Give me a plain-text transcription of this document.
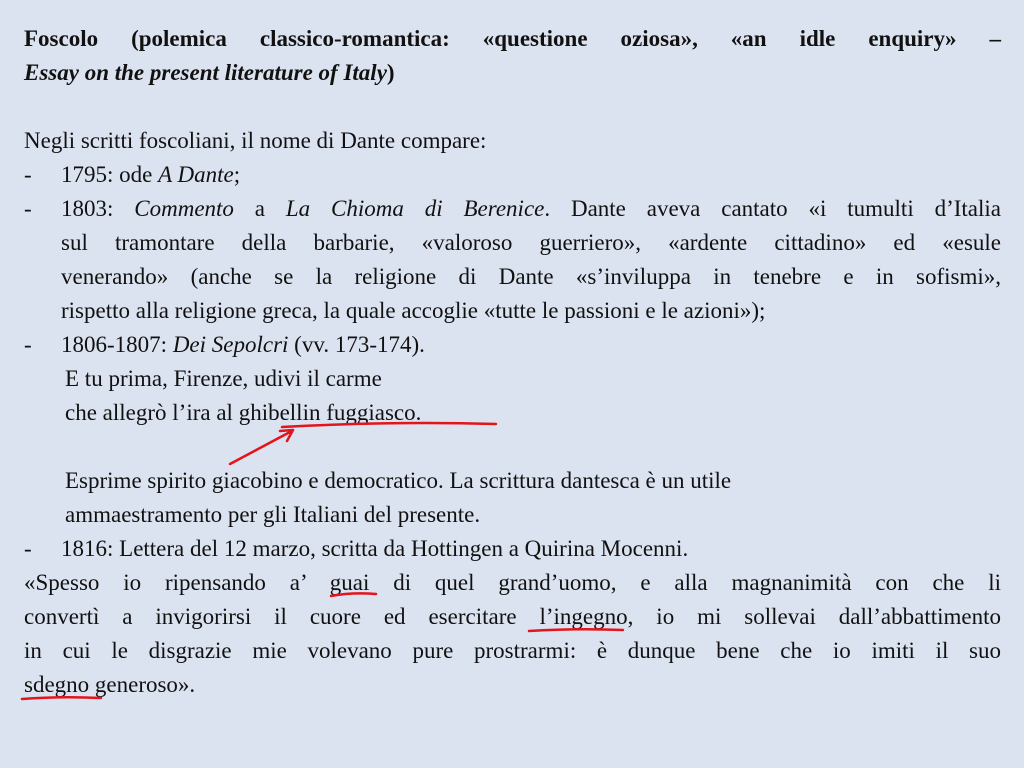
Foscolo (polemica classico-romantica: «questione oziosa», «an idle enquiry» –
Essay on the present literature of Italy)
Negli scritti foscoliani, il nome di Dante compare:
- 1795: ode A Dante;
- 1803: Commento a La Chioma di Berenice. Dante aveva cantato «i tumulti d’Italia
sul tramontare della barbarie, «valoroso guerriero», «ardente cittadino» ed «esule
venerando» (anche se la religione di Dante «s’inviluppa in tenebre e in sofismi»,
rispetto alla religione greca, la quale accoglie «tutte le passioni e le azioni»);
- 1806-1807: Dei Sepolcri (vv. 173-174).
E tu prima, Firenze, udivi il carme
che allegrò l’ira al ghibellin fuggiasco.
Esprime spirito giacobino e democratico. La scrittura dantesca è un utile
ammaestramento per gli Italiani del presente.
- 1816: Lettera del 12 marzo, scritta da Hottingen a Quirina Mocenni.
«Spesso io ripensando a’ guai di quel grand’uomo, e alla magnanimità con che li
convertì a invigorirsi il cuore ed esercitare l’ingegno, io mi sollevai dall’abbattimento
in cui le disgrazie mie volevano pure prostrarmi: è dunque bene che io imiti il suo
sdegno generoso».
